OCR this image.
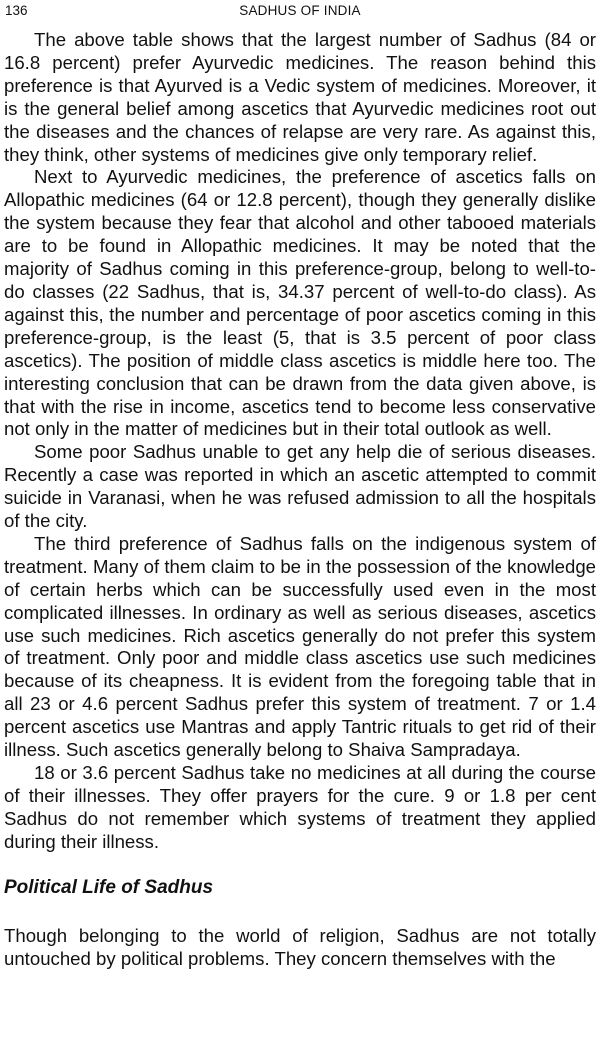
136	SADHUS OF INDIA

The above table shows that the largest number of Sadhus (84 or 16.8 percent) prefer Ayurvedic medicines. The reason behind this preference is that Ayurved is a Vedic system of medicines. Moreover, it is the general belief among ascetics that Ayurvedic medicines root out the diseases and the chances of relapse are very rare. As against this, they think, other systems of medicines give only temporary relief.

Next to Ayurvedic medicines, the preference of ascetics falls on Allopathic medicines (64 or 12.8 percent), though they generally dislike the system because they fear that alcohol and other tabooed materials are to be found in Allopathic medicines. It may be noted that the majority of Sadhus coming in this preference-group, belong to well-to-do classes (22 Sadhus, that is, 34.37 percent of well-to-do class). As against this, the number and percentage of poor ascetics coming in this preference-group, is the least (5, that is 3.5 percent of poor class ascetics). The position of middle class ascetics is middle here too. The interesting conclusion that can be drawn from the data given above, is that with the rise in income, ascetics tend to become less conservative not only in the matter of medicines but in their total outlook as well.

Some poor Sadhus unable to get any help die of serious diseases. Recently a case was reported in which an ascetic attempted to commit suicide in Varanasi, when he was refused admission to all the hospitals of the city.

The third preference of Sadhus falls on the indigenous system of treatment. Many of them claim to be in the possession of the knowledge of certain herbs which can be successfully used even in the most complicated illnesses. In ordinary as well as serious diseases, ascetics use such medicines. Rich ascetics generally do not prefer this system of treatment. Only poor and middle class ascetics use such medicines because of its cheapness. It is evident from the foregoing table that in all 23 or 4.6 percent Sadhus prefer this system of treatment. 7 or 1.4 percent ascetics use Mantras and apply Tantric rituals to get rid of their illness. Such ascetics generally belong to Shaiva Sampradaya.

18 or 3.6 percent Sadhus take no medicines at all during the course of their illnesses. They offer prayers for the cure. 9 or 1.8 per cent Sadhus do not remember which systems of treatment they applied during their illness.

Political Life of Sadhus

Though belonging to the world of religion, Sadhus are not totally untouched by political problems. They concern themselves with the
